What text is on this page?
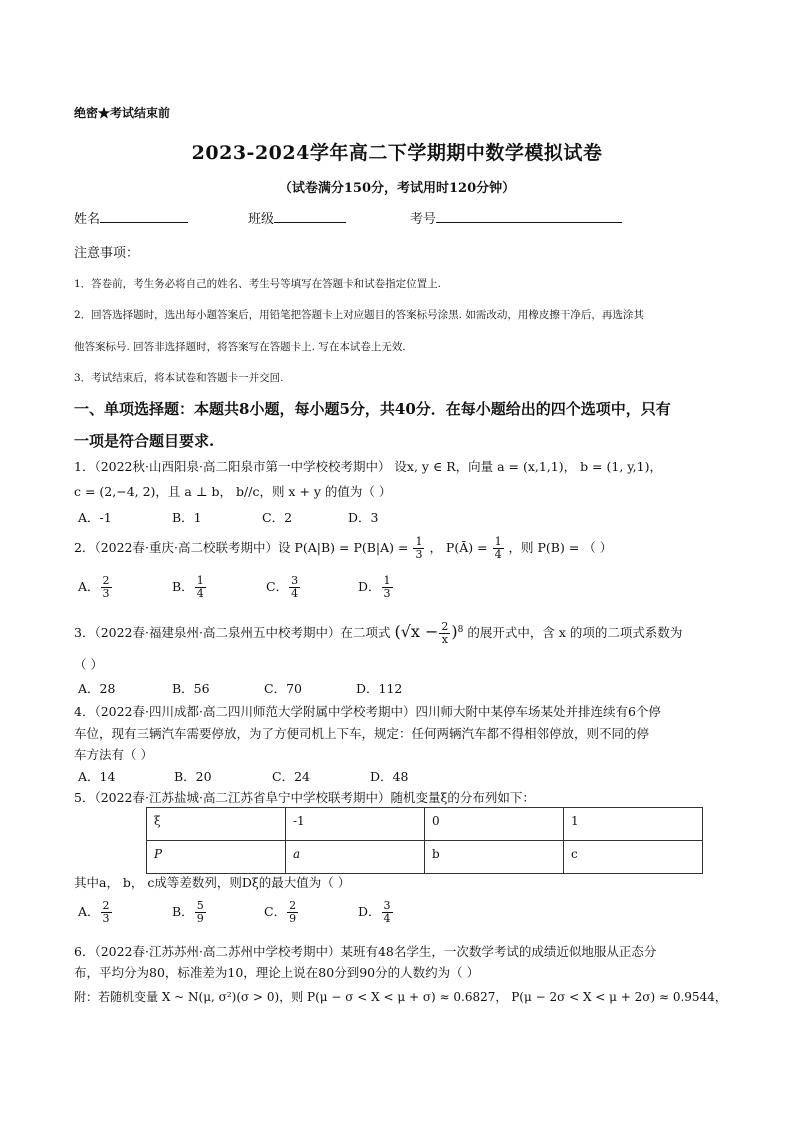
绝密★考试结束前
2023-2024学年高二下学期期中数学模拟试卷
（试卷满分150分，考试用时120分钟）
姓名	班级	考号
注意事项：
1．答卷前，考生务必将自己的姓名、考生号等填写在答题卡和试卷指定位置上.
2．回答选择题时，选出每小题答案后，用铅笔把答题卡上对应题目的答案标号涂黑. 如需改动，用橡皮擦干净后，再选涂其
他答案标号. 回答非选择题时，将答案写在答题卡上. 写在本试卷上无效.
3．考试结束后，将本试卷和答题卡一并交回.
一、单项选择题：本题共8小题，每小题5分，共40分．在每小题给出的四个选项中，只有
一项是符合题目要求.
1．（2022秋·山西阳泉·高二阳泉市第一中学校校考期中） 设x, y ∈ R，向量 a = (x,1,1)， b = (1, y,1)，
c = (2,−4, 2)，且 a ⊥ b， b//c，则 x + y 的值为（ ）
A．-1	B．1	C．2	D．3
2．（2022春·重庆·高二校联考期中）设 $P(A|B) = P(B|A) = \frac{1}{3}$ ， P(Ā) = $\frac{1}{4}$ ，则 P(B) = （ ）
A． $\frac{2}{3}$	B． $\frac{1}{4}$	C． $\frac{3}{4}$	D． $\frac{1}{3}$
3．（2022春·福建泉州·高二泉州五中校考期中）在二项式 $(√x - \frac{2}{x} )^8$ 的展开式中，含 x 的项的二项式系数为
（ ）
A．28	B．56	C．70	D．112
4．（2022春·四川成都·高二四川师范大学附属中学校考期中）四川师大附中某停车场某处并排连续有6个停
车位，现有三辆汽车需要停放，为了方便司机上下车，规定：任何两辆汽车都不得相邻停放，则不同的停
车方法有（ ）
A．14	B．20	C．24	D．48
5．（2022春·江苏盐城·高二江苏省阜宁中学校联考期中）随机变量ξ的分布列如下：
ξ	-1	0	1
P	a	b	c
其中a， b， c成等差数列，则Dξ的最大值为（ ）
A． $\frac{2}{3}$	B． $\frac{5}{9}$	C． $\frac{2}{9}$	D． $\frac{3}{4}$
6．（2022春·江苏苏州·高二苏州中学校考期中）某班有48名学生，一次数学考试的成绩近似地服从正态分
布，平均分为80，标准差为10，理论上说在80分到90分的人数约为（ ）
附：若随机变量 X ~ N(μ, σ²)(σ > 0)，则 P(μ − σ < X < μ + σ) ≈ 0.6827， P(μ − 2σ < X < μ + 2σ) ≈ 0.9544，
